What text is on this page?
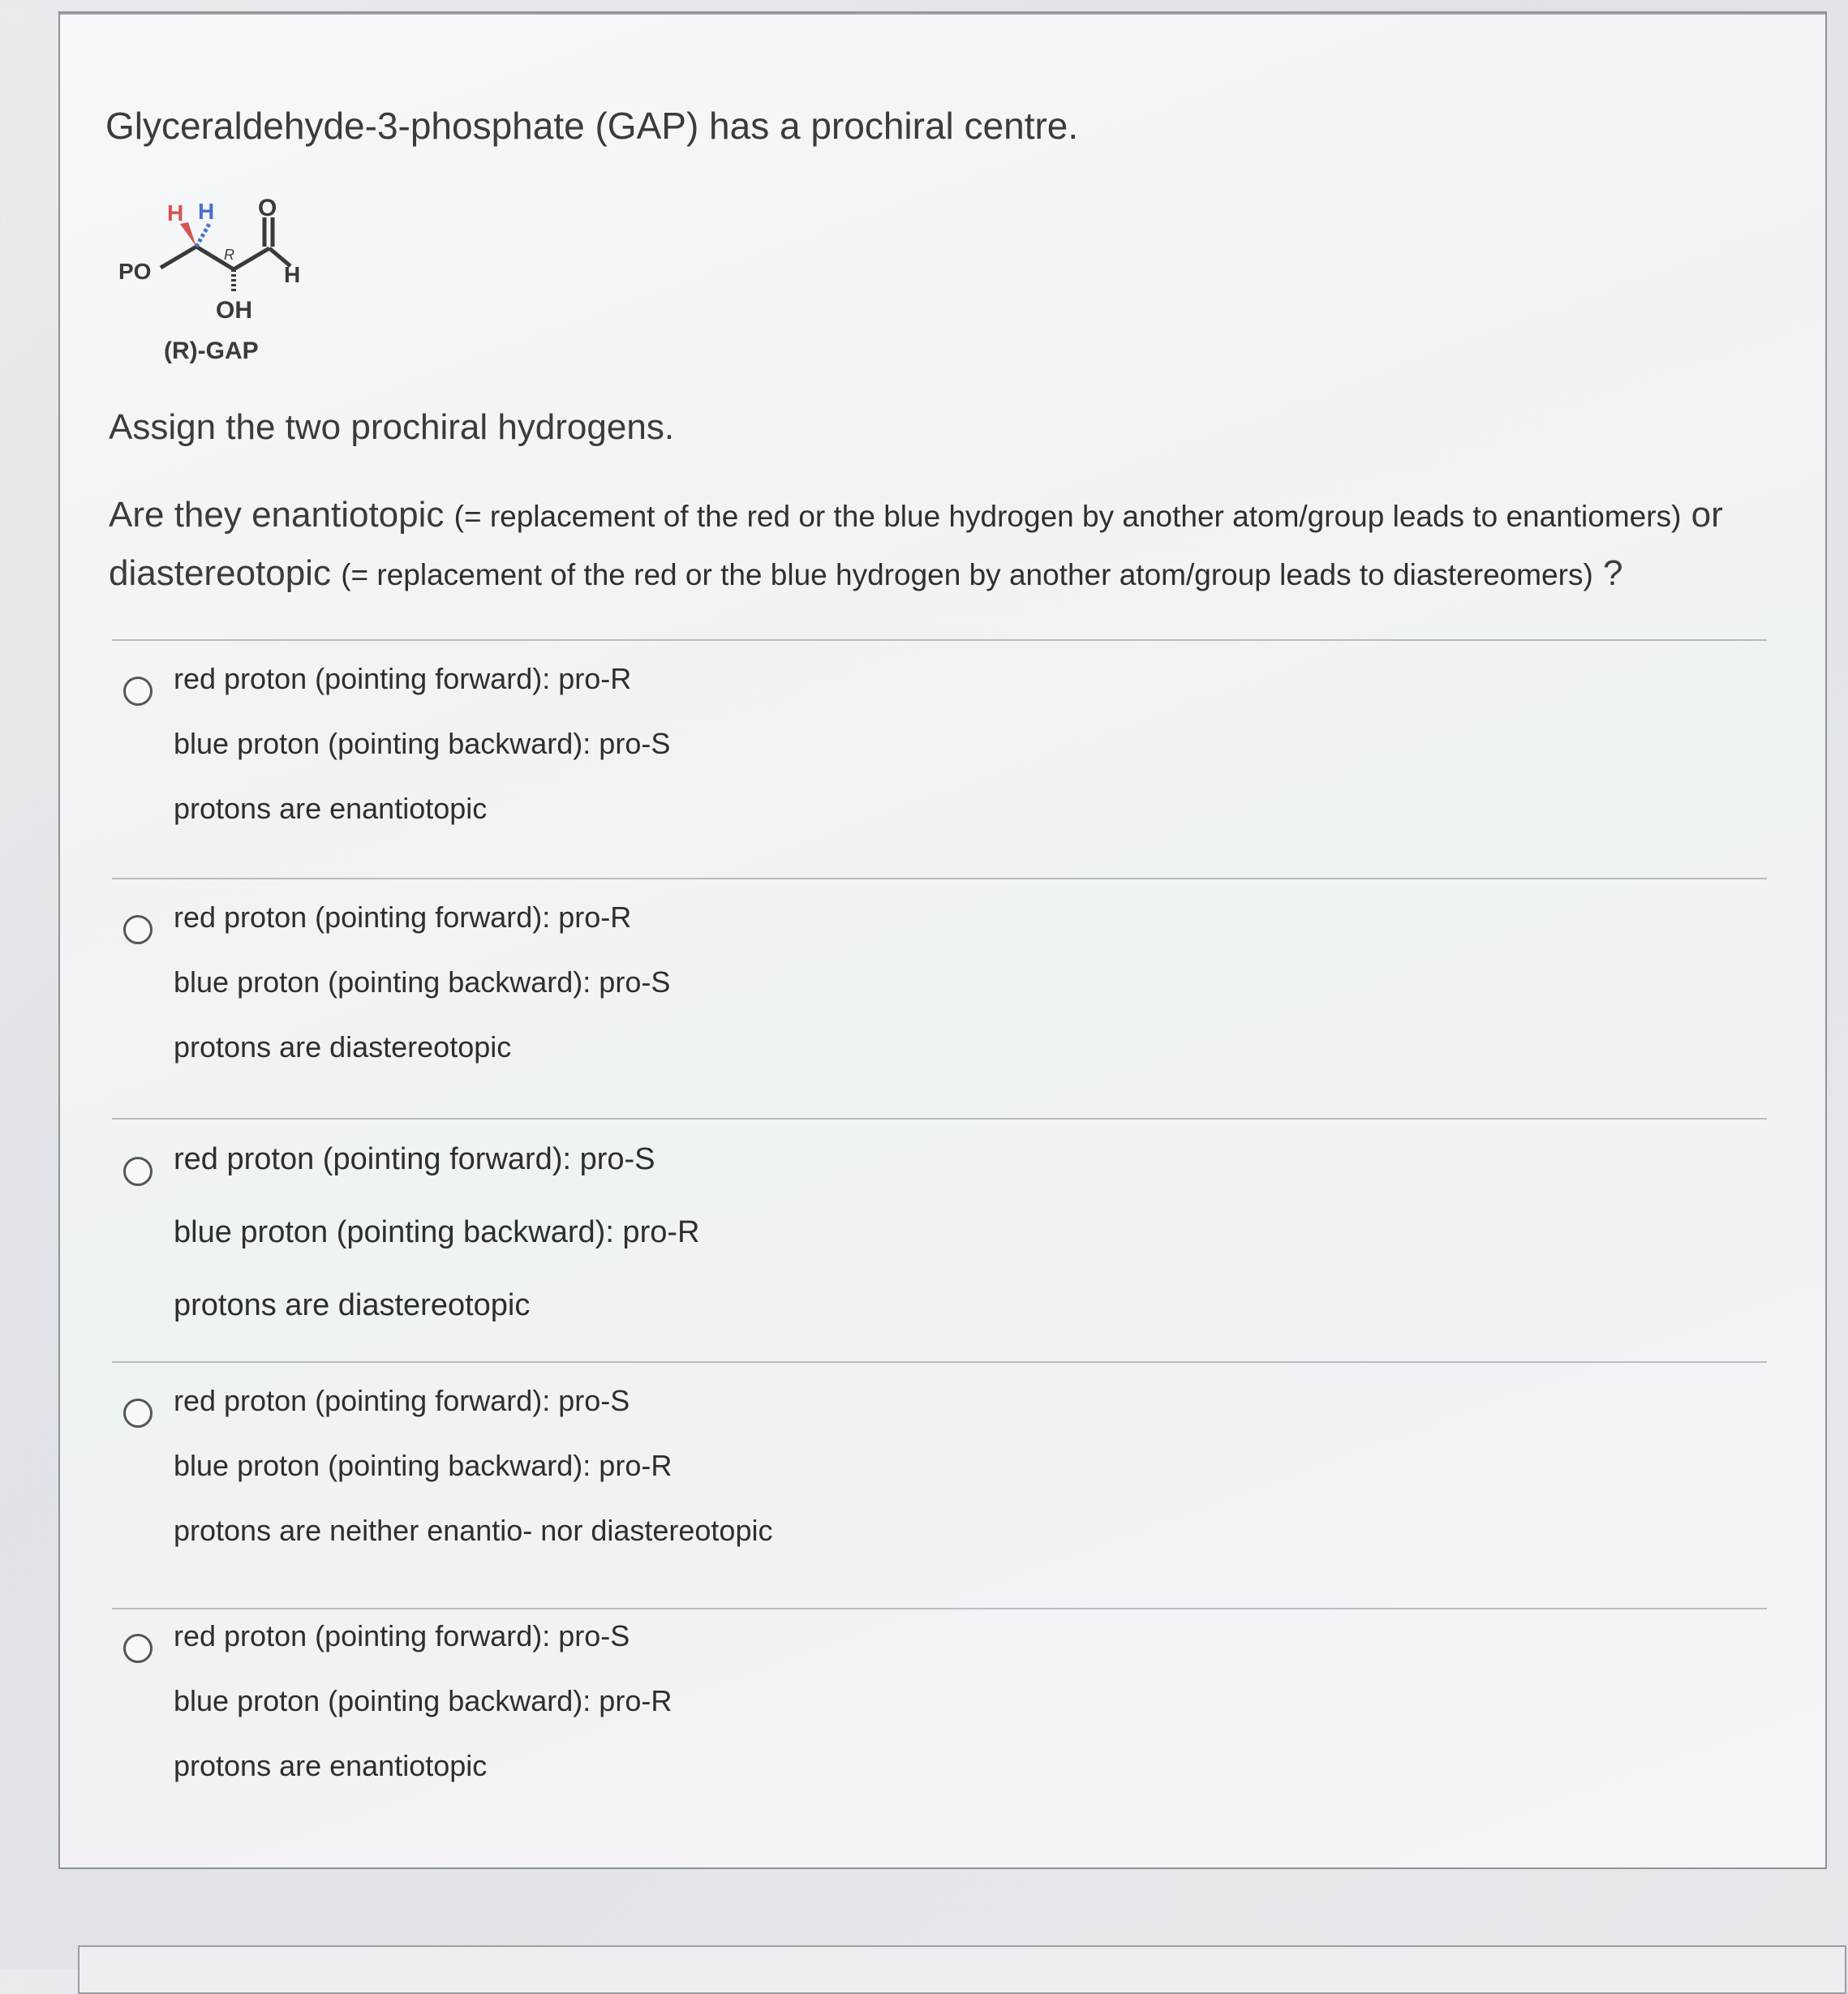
Glyceraldehyde-3-phosphate (GAP) has a prochiral centre.
H H O
PO	H
R
OH
(R)-GAP
Assign the two prochiral hydrogens.
Are they enantiotopic (= replacement of the red or the blue hydrogen by another atom/group leads to enantiomers) or
diastereotopic (= replacement of the red or the blue hydrogen by another atom/group leads to diastereomers) ?
red proton (pointing forward): pro-R
blue proton (pointing backward): pro-S
protons are enantiotopic
red proton (pointing forward): pro-R
blue proton (pointing backward): pro-S
protons are diastereotopic
red proton (pointing forward): pro-S
blue proton (pointing backward): pro-R
protons are diastereotopic
red proton (pointing forward): pro-S
blue proton (pointing backward): pro-R
protons are neither enantio- nor diastereotopic
red proton (pointing forward): pro-S
blue proton (pointing backward): pro-R
protons are enantiotopic
